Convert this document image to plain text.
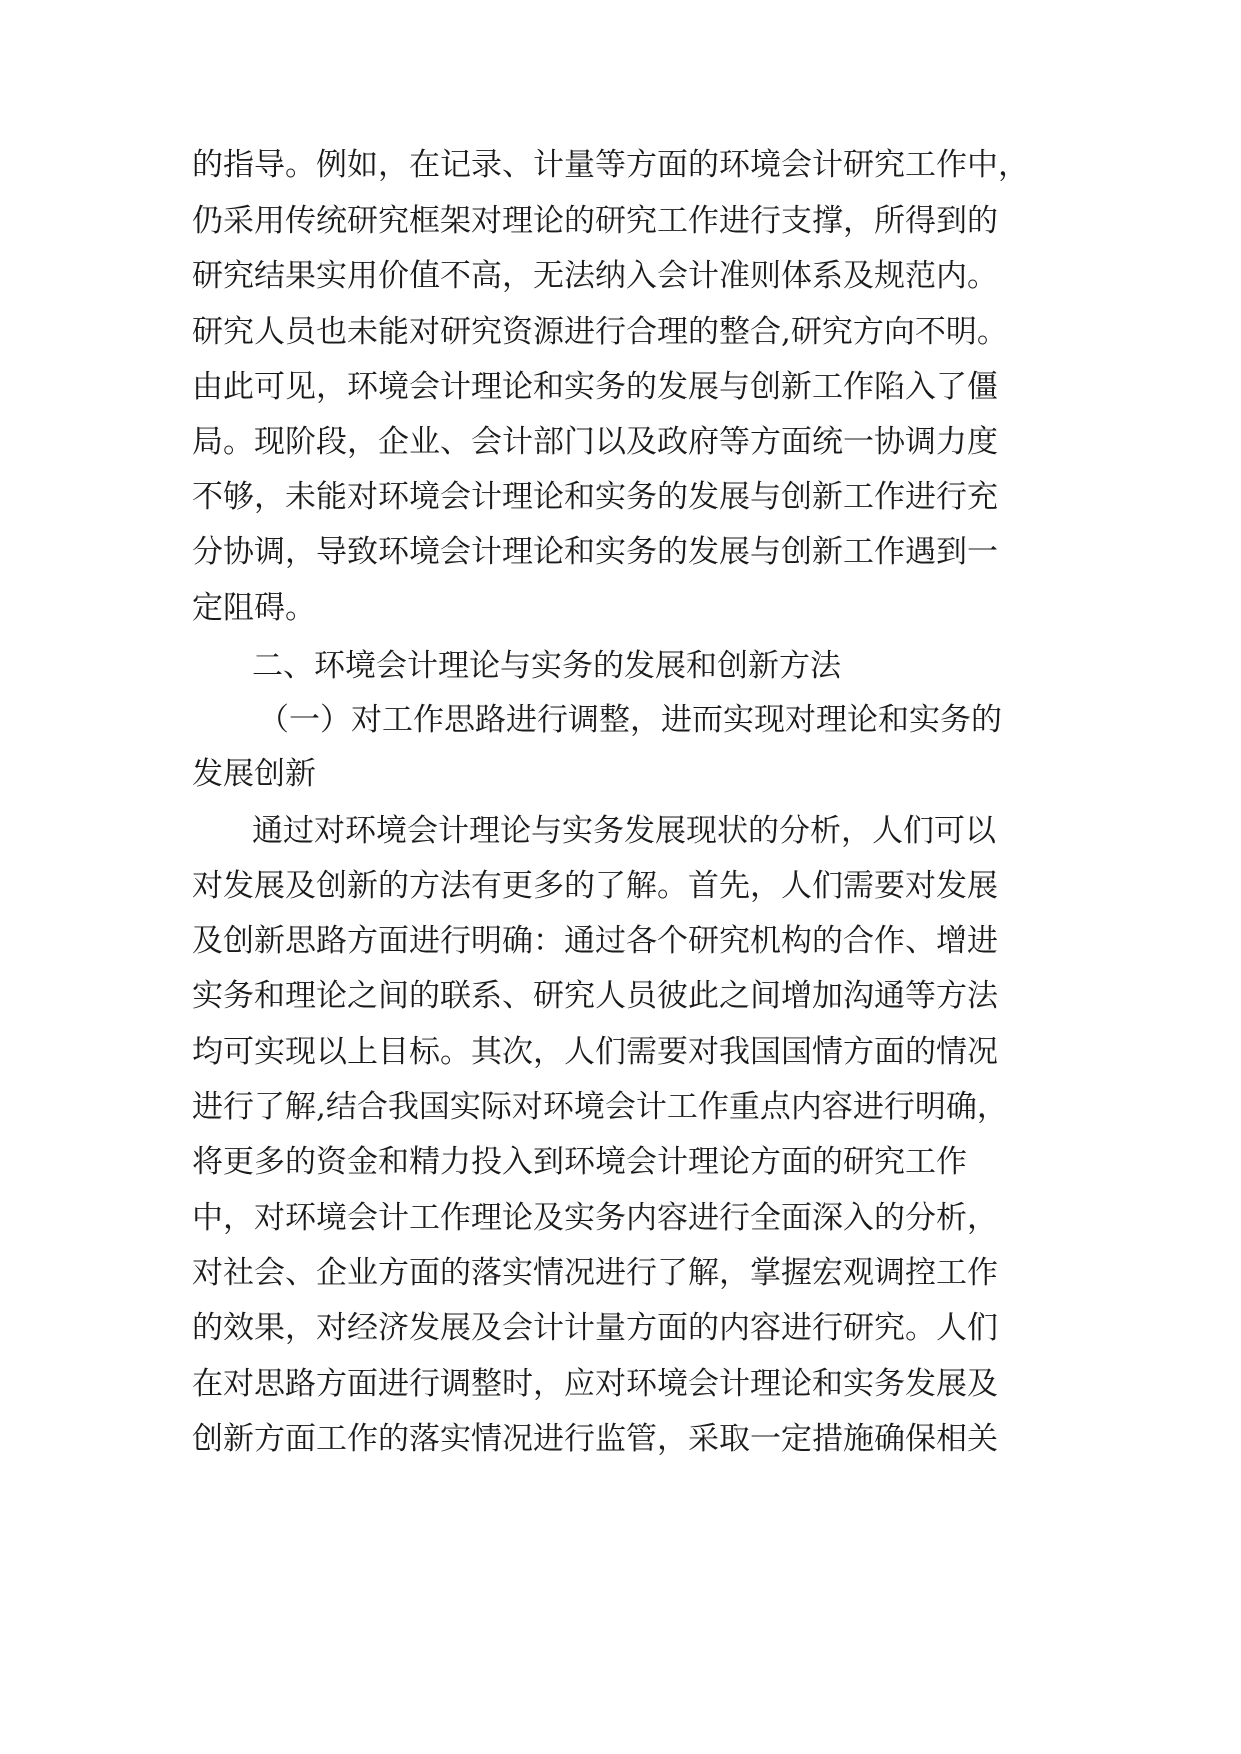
的指导。例如，在记录、计量等方面的环境会计研究工作中，
仍采用传统研究框架对理论的研究工作进行支撑，所得到的
研究结果实用价值不高，无法纳入会计准则体系及规范内。
研究人员也未能对研究资源进行合理的整合,研究方向不明。
由此可见，环境会计理论和实务的发展与创新工作陷入了僵
局。现阶段，企业、会计部门以及政府等方面统一协调力度
不够，未能对环境会计理论和实务的发展与创新工作进行充
分协调，导致环境会计理论和实务的发展与创新工作遇到一
定阻碍。
二、环境会计理论与实务的发展和创新方法
（一）对工作思路进行调整，进而实现对理论和实务的
发展创新
通过对环境会计理论与实务发展现状的分析，人们可以
对发展及创新的方法有更多的了解。首先，人们需要对发展
及创新思路方面进行明确：通过各个研究机构的合作、增进
实务和理论之间的联系、研究人员彼此之间增加沟通等方法
均可实现以上目标。其次，人们需要对我国国情方面的情况
进行了解,结合我国实际对环境会计工作重点内容进行明确，
将更多的资金和精力投入到环境会计理论方面的研究工作
中，对环境会计工作理论及实务内容进行全面深入的分析，
对社会、企业方面的落实情况进行了解，掌握宏观调控工作
的效果，对经济发展及会计计量方面的内容进行研究。人们
在对思路方面进行调整时，应对环境会计理论和实务发展及
创新方面工作的落实情况进行监管，采取一定措施确保相关
